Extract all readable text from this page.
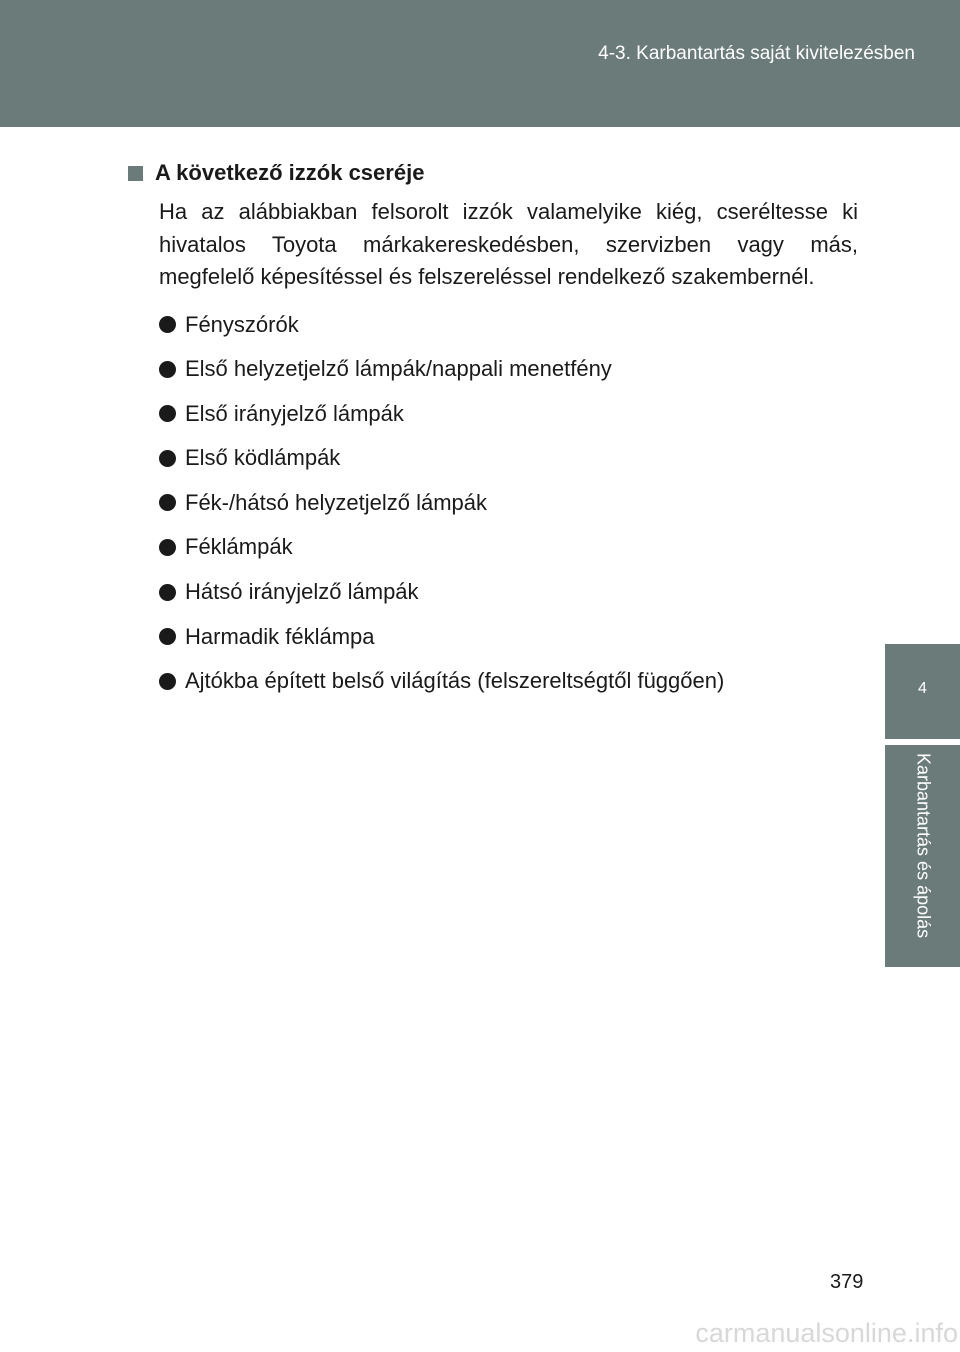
4-3. Karbantartás saját kivitelezésben
4
Karbantartás és ápolás
A következő izzók cseréje
Ha az alábbiakban felsorolt izzók valamelyike kiég, cseréltesse ki hivatalos Toyota márkakereskedésben, szervizben vagy más, megfelelő képesítéssel és felszereléssel rendelkező szakembernél.
Fényszórók
Első helyzetjelző lámpák/nappali menetfény
Első irányjelző lámpák
Első ködlámpák
Fék-/hátsó helyzetjelző lámpák
Féklámpák
Hátsó irányjelző lámpák
Harmadik féklámpa
Ajtókba épített belső világítás (felszereltségtől függően)
379
carmanualsonline.info
